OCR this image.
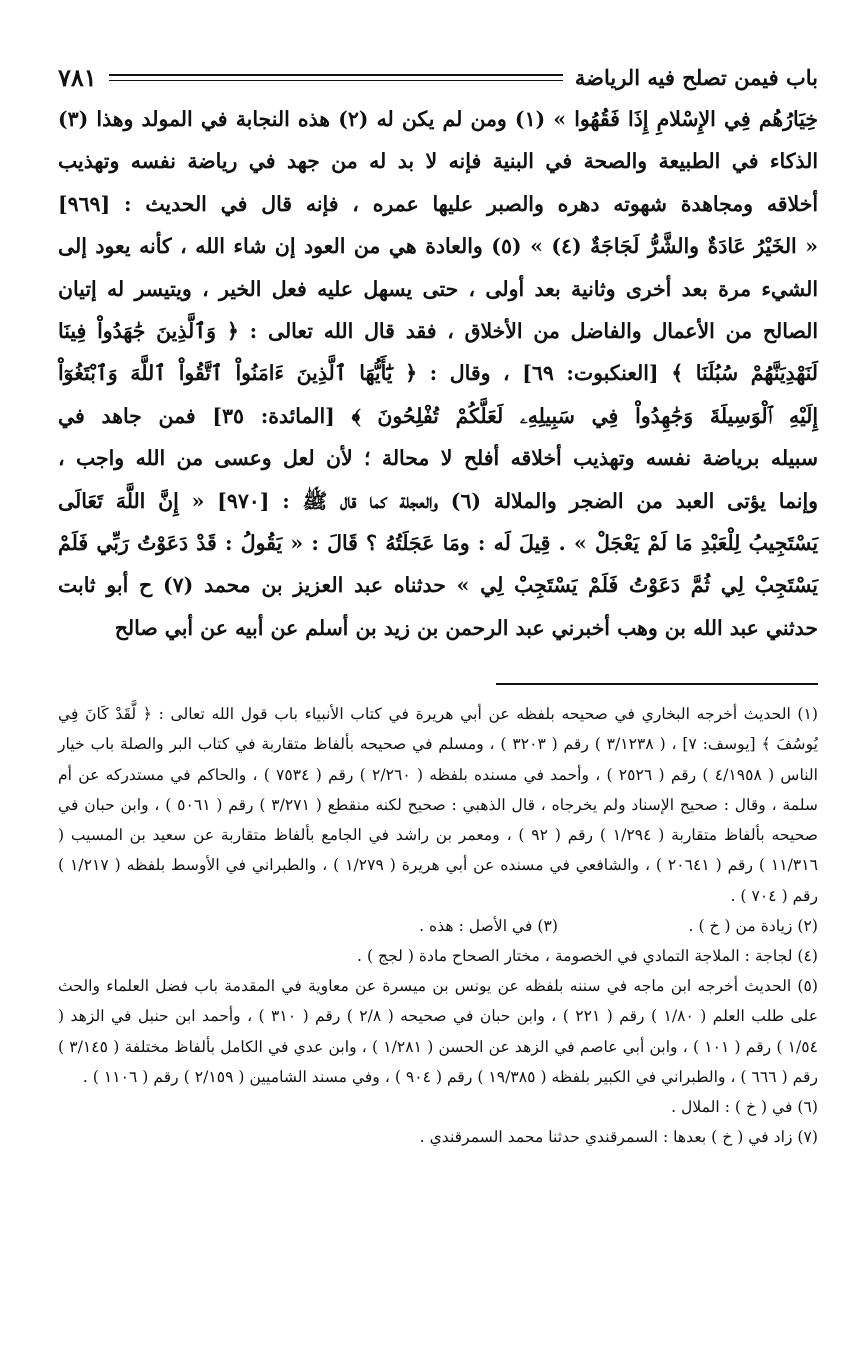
باب فيمن تصلح فيه الرياضة
٧٨١

خِيَارُهُم فِي الإِسْلامِ إِذَا فَقُهُوا » (١) ومن لم يكن له (٢) هذه النجابة في المولد وهذا (٣)

الذكاء في الطبيعة والصحة في البنية فإنه لا بد له من جهد في رياضة نفسه وتهذيب

أخلاقه ومجاهدة شهوته دهره والصبر عليها عمره ، فإنه قال في الحديث : [٩٦٩]

« الخَيْرُ عَادَةٌ والشَّرُّ لَجَاجَةٌ (٤) » (٥) والعادة هي من العود إن شاء الله ، كأنه يعود إلى

الشيء مرة بعد أخرى وثانية بعد أولى ، حتى يسهل عليه فعل الخير ، ويتيسر له إتيان

الصالح من الأعمال والفاضل من الأخلاق ، فقد قال الله تعالى : ﴿ وَٱلَّذِينَ جَٰهَدُواْ فِينَا

لَنَهْدِيَنَّهُمْ سُبُلَنَا ﴾ [العنكبوت: ٦٩] ، وقال : ﴿ يَٰٓأَيُّهَا ٱلَّذِينَ ءَامَنُواْ ٱتَّقُواْ ٱللَّهَ وَٱبْتَغُوٓاْ

إِلَيْهِ ٱلْوَسِيلَةَ وَجَٰهِدُواْ فِي سَبِيلِهِۦ لَعَلَّكُمْ تُفْلِحُونَ ﴾ [المائدة: ٣٥] فمن جاهد في

سبيله برياضة نفسه وتهذيب أخلاقه أفلح لا محالة ؛ لأن لعل وعسى من الله واجب ،

وإنما يؤتى العبد من الضجر والملالة (٦) والعجلة كما قال ﷺ : [٩٧٠] « إِنَّ اللَّهَ تَعَالَى

يَسْتَجِيبُ لِلْعَبْدِ مَا لَمْ يَعْجَلْ » . قِيلَ لَه : ومَا عَجَلَتُهُ ؟ قَالَ : « يَقُولُ : قَدْ دَعَوْتُ رَبِّي فَلَمْ

يَسْتَجِبْ لِي ثُمَّ دَعَوْتُ فَلَمْ يَسْتَجِبْ لِي » حدثناه عبد العزيز بن محمد (٧) ح أبو ثابت

حدثني عبد الله بن وهب أخبرني عبد الرحمن بن زيد بن أسلم عن أبيه عن أبي صالح

(١) الحديث أخرجه البخاري في صحيحه بلفظه عن أبي هريرة في كتاب الأنبياء باب قول الله تعالى : ﴿ لَّقَدْ كَانَ فِي يُوسُفَ ﴾ [يوسف: ٧] ، ( ٣/١٢٣٨ ) رقم ( ٣٢٠٣ ) ، ومسلم في صحيحه بألفاظ متقاربة في كتاب البر والصلة باب خيار الناس ( ٤/١٩٥٨ ) رقم ( ٢٥٢٦ ) ، وأحمد في مسنده بلفظه ( ٢/٢٦٠ ) رقم ( ٧٥٣٤ ) ، والحاكم في مستدركه عن أم سلمة ، وقال : صحيح الإسناد ولم يخرجاه ، قال الذهبي : صحيح لكنه منقطع ( ٣/٢٧١ ) رقم ( ٥٠٦١ ) ، وابن حبان في صحيحه بألفاظ متقاربة ( ١/٢٩٤ ) رقم ( ٩٢ ) ، ومعمر بن راشد في الجامع بألفاظ متقاربة عن سعيد بن المسيب ( ١١/٣١٦ ) رقم ( ٢٠٦٤١ ) ، والشافعي في مسنده عن أبي هريرة ( ١/٢٧٩ ) ، والطبراني في الأوسط بلفظه ( ١/٢١٧ ) رقم ( ٧٠٤ ) .

(٢) زيادة من ( خ ) .
(٣) في الأصل : هذه .

(٤) لجاجة : الملاجة التمادي في الخصومة ، مختار الصحاح مادة ( لجج ) .

(٥) الحديث أخرجه ابن ماجه في سننه بلفظه عن يونس بن ميسرة عن معاوية في المقدمة باب فضل العلماء والحث على طلب العلم ( ١/٨٠ ) رقم ( ٢٢١ ) ، وابن حبان في صحيحه ( ٢/٨ ) رقم ( ٣١٠ ) ، وأحمد ابن حنبل في الزهد ( ١/٥٤ ) رقم ( ١٠١ ) ، وابن أبي عاصم في الزهد عن الحسن ( ١/٢٨١ ) ، وابن عدي في الكامل بألفاظ مختلفة ( ٣/١٤٥ ) رقم ( ٦٦٦ ) ، والطبراني في الكبير بلفظه ( ١٩/٣٨٥ ) رقم ( ٩٠٤ ) ، وفي مسند الشاميين ( ٢/١٥٩ ) رقم ( ١١٠٦ ) .

(٦) في ( خ ) : الملال .

(٧) زاد في ( خ ) بعدها : السمرقندي حدثنا محمد السمرقندي .
